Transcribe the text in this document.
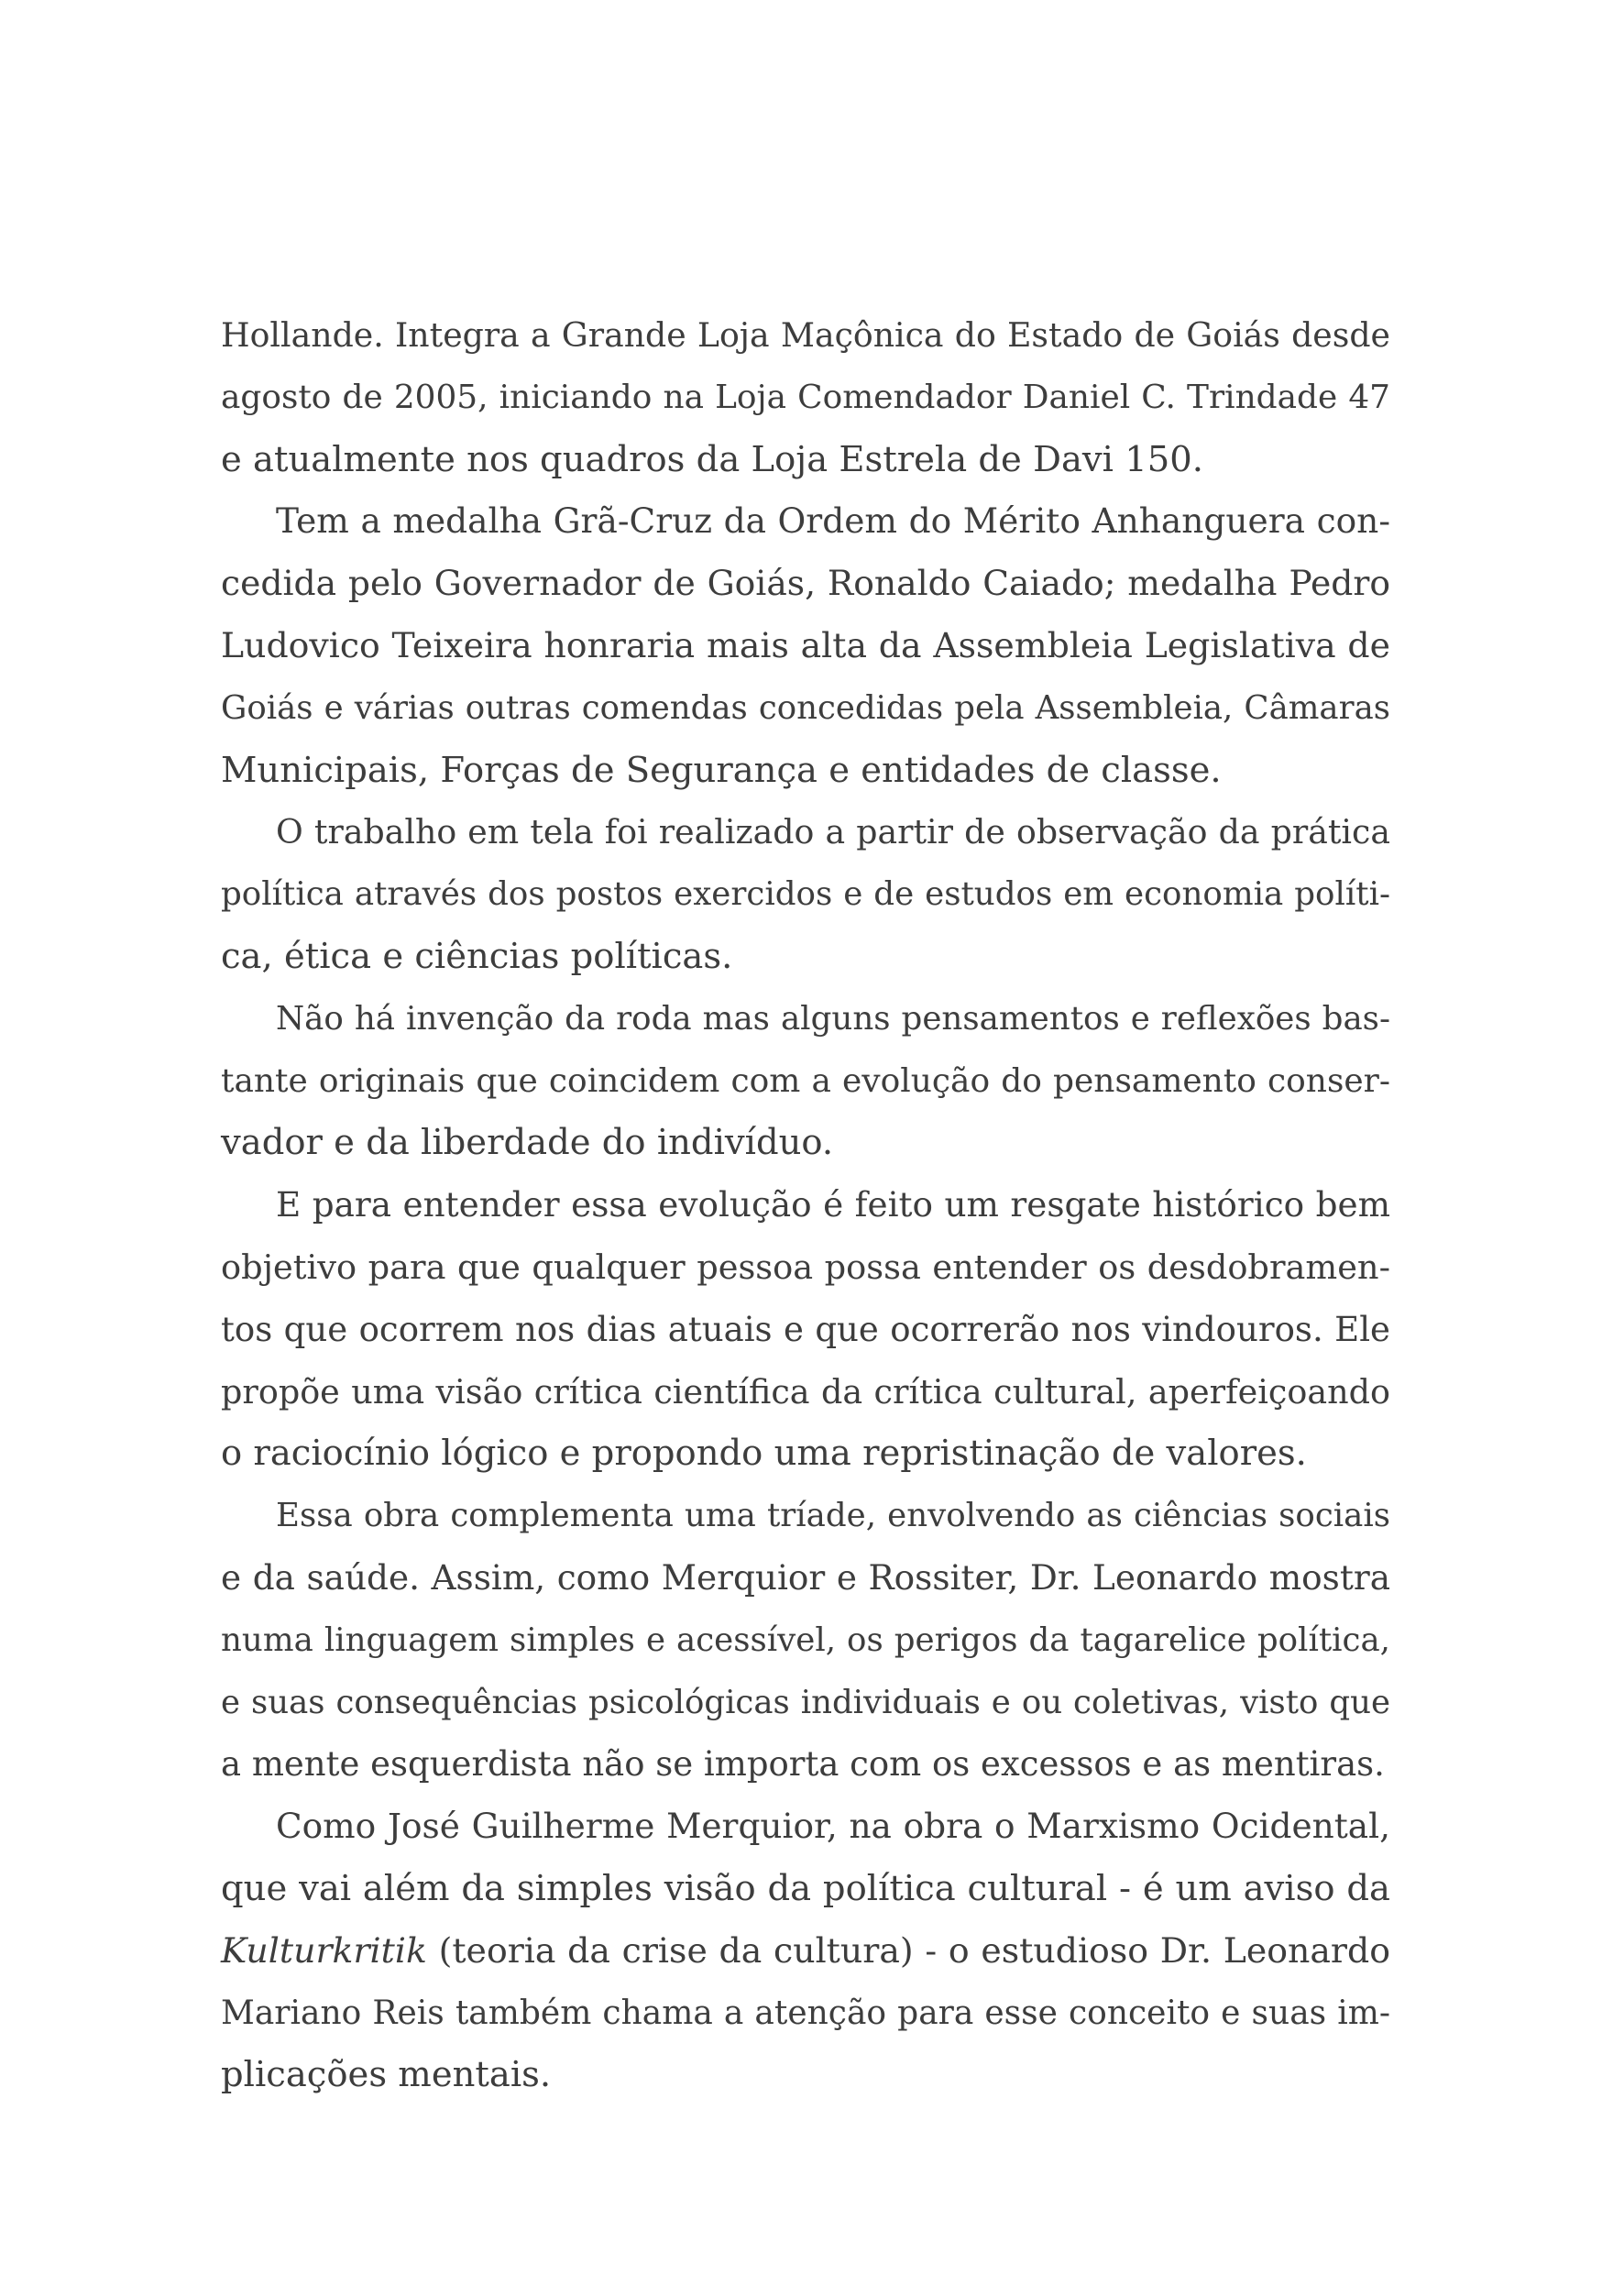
Hollande. Integra a Grande Loja Maçônica do Estado de Goiás desde
agosto de 2005, iniciando na Loja Comendador Daniel C. Trindade 47
e atualmente nos quadros da Loja Estrela de Davi 150.

Tem a medalha Grã-Cruz da Ordem do Mérito Anhanguera con-
cedida pelo Governador de Goiás, Ronaldo Caiado; medalha Pedro
Ludovico Teixeira honraria mais alta da Assembleia Legislativa de
Goiás e várias outras comendas concedidas pela Assembleia, Câmaras
Municipais, Forças de Segurança e entidades de classe.

O trabalho em tela foi realizado a partir de observação da prática
política através dos postos exercidos e de estudos em economia políti-
ca, ética e ciências políticas.

Não há invenção da roda mas alguns pensamentos e reflexões bas-
tante originais que coincidem com a evolução do pensamento conser-
vador e da liberdade do indivíduo.

E para entender essa evolução é feito um resgate histórico bem
objetivo para que qualquer pessoa possa entender os desdobramen-
tos que ocorrem nos dias atuais e que ocorrerão nos vindouros. Ele
propõe uma visão crítica científica da crítica cultural, aperfeiçoando
o raciocínio lógico e propondo uma repristinação de valores.

Essa obra complementa uma tríade, envolvendo as ciências sociais
e da saúde. Assim, como Merquior e Rossiter, Dr. Leonardo mostra
numa linguagem simples e acessível, os perigos da tagarelice política,
e suas consequências psicológicas individuais e ou coletivas, visto que
a mente esquerdista não se importa com os excessos e as mentiras.

Como José Guilherme Merquior, na obra o Marxismo Ocidental,
que vai além da simples visão da política cultural - é um aviso da
Kulturkritik (teoria da crise da cultura) - o estudioso Dr. Leonardo
Mariano Reis também chama a atenção para esse conceito e suas im-
plicações mentais.
